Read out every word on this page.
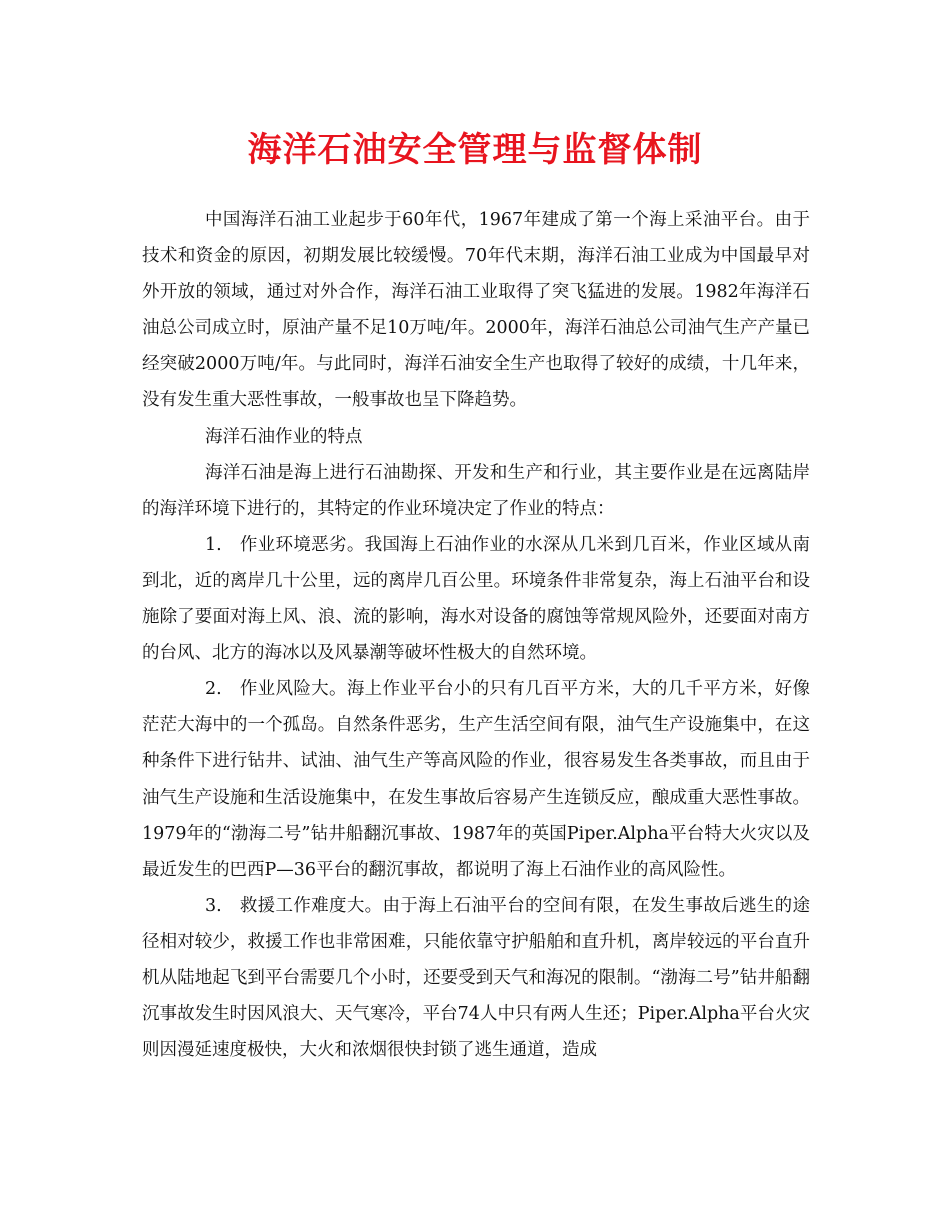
海洋石油安全管理与监督体制

中国海洋石油工业起步于60年代，1967年建成了第一个海上采油平台。由于技术和资金的原因，初期发展比较缓慢。70年代末期，海洋石油工业成为中国最早对外开放的领域，通过对外合作，海洋石油工业取得了突飞猛进的发展。1982年海洋石油总公司成立时，原油产量不足10万吨/年。2000年，海洋石油总公司油气生产产量已经突破2000万吨/年。与此同时，海洋石油安全生产也取得了较好的成绩，十几年来，没有发生重大恶性事故，一般事故也呈下降趋势。

海洋石油作业的特点

海洋石油是海上进行石油勘探、开发和生产和行业，其主要作业是在远离陆岸的海洋环境下进行的，其特定的作业环境决定了作业的特点：

1.　作业环境恶劣。我国海上石油作业的水深从几米到几百米，作业区域从南到北，近的离岸几十公里，远的离岸几百公里。环境条件非常复杂，海上石油平台和设施除了要面对海上风、浪、流的影响，海水对设备的腐蚀等常规风险外，还要面对南方的台风、北方的海冰以及风暴潮等破坏性极大的自然环境。

2.　作业风险大。海上作业平台小的只有几百平方米，大的几千平方米，好像茫茫大海中的一个孤岛。自然条件恶劣，生产生活空间有限，油气生产设施集中，在这种条件下进行钻井、试油、油气生产等高风险的作业，很容易发生各类事故，而且由于油气生产设施和生活设施集中，在发生事故后容易产生连锁反应，酿成重大恶性事故。1979年的“渤海二号”钻井船翻沉事故、1987年的英国Piper.Alpha平台特大火灾以及最近发生的巴西P—36平台的翻沉事故，都说明了海上石油作业的高风险性。

3.　救援工作难度大。由于海上石油平台的空间有限，在发生事故后逃生的途径相对较少，救援工作也非常困难，只能依靠守护船舶和直升机，离岸较远的平台直升机从陆地起飞到平台需要几个小时，还要受到天气和海况的限制。“渤海二号”钻井船翻沉事故发生时因风浪大、天气寒冷，平台74人中只有两人生还；Piper.Alpha平台火灾则因漫延速度极快，大火和浓烟很快封锁了逃生通道，造成
